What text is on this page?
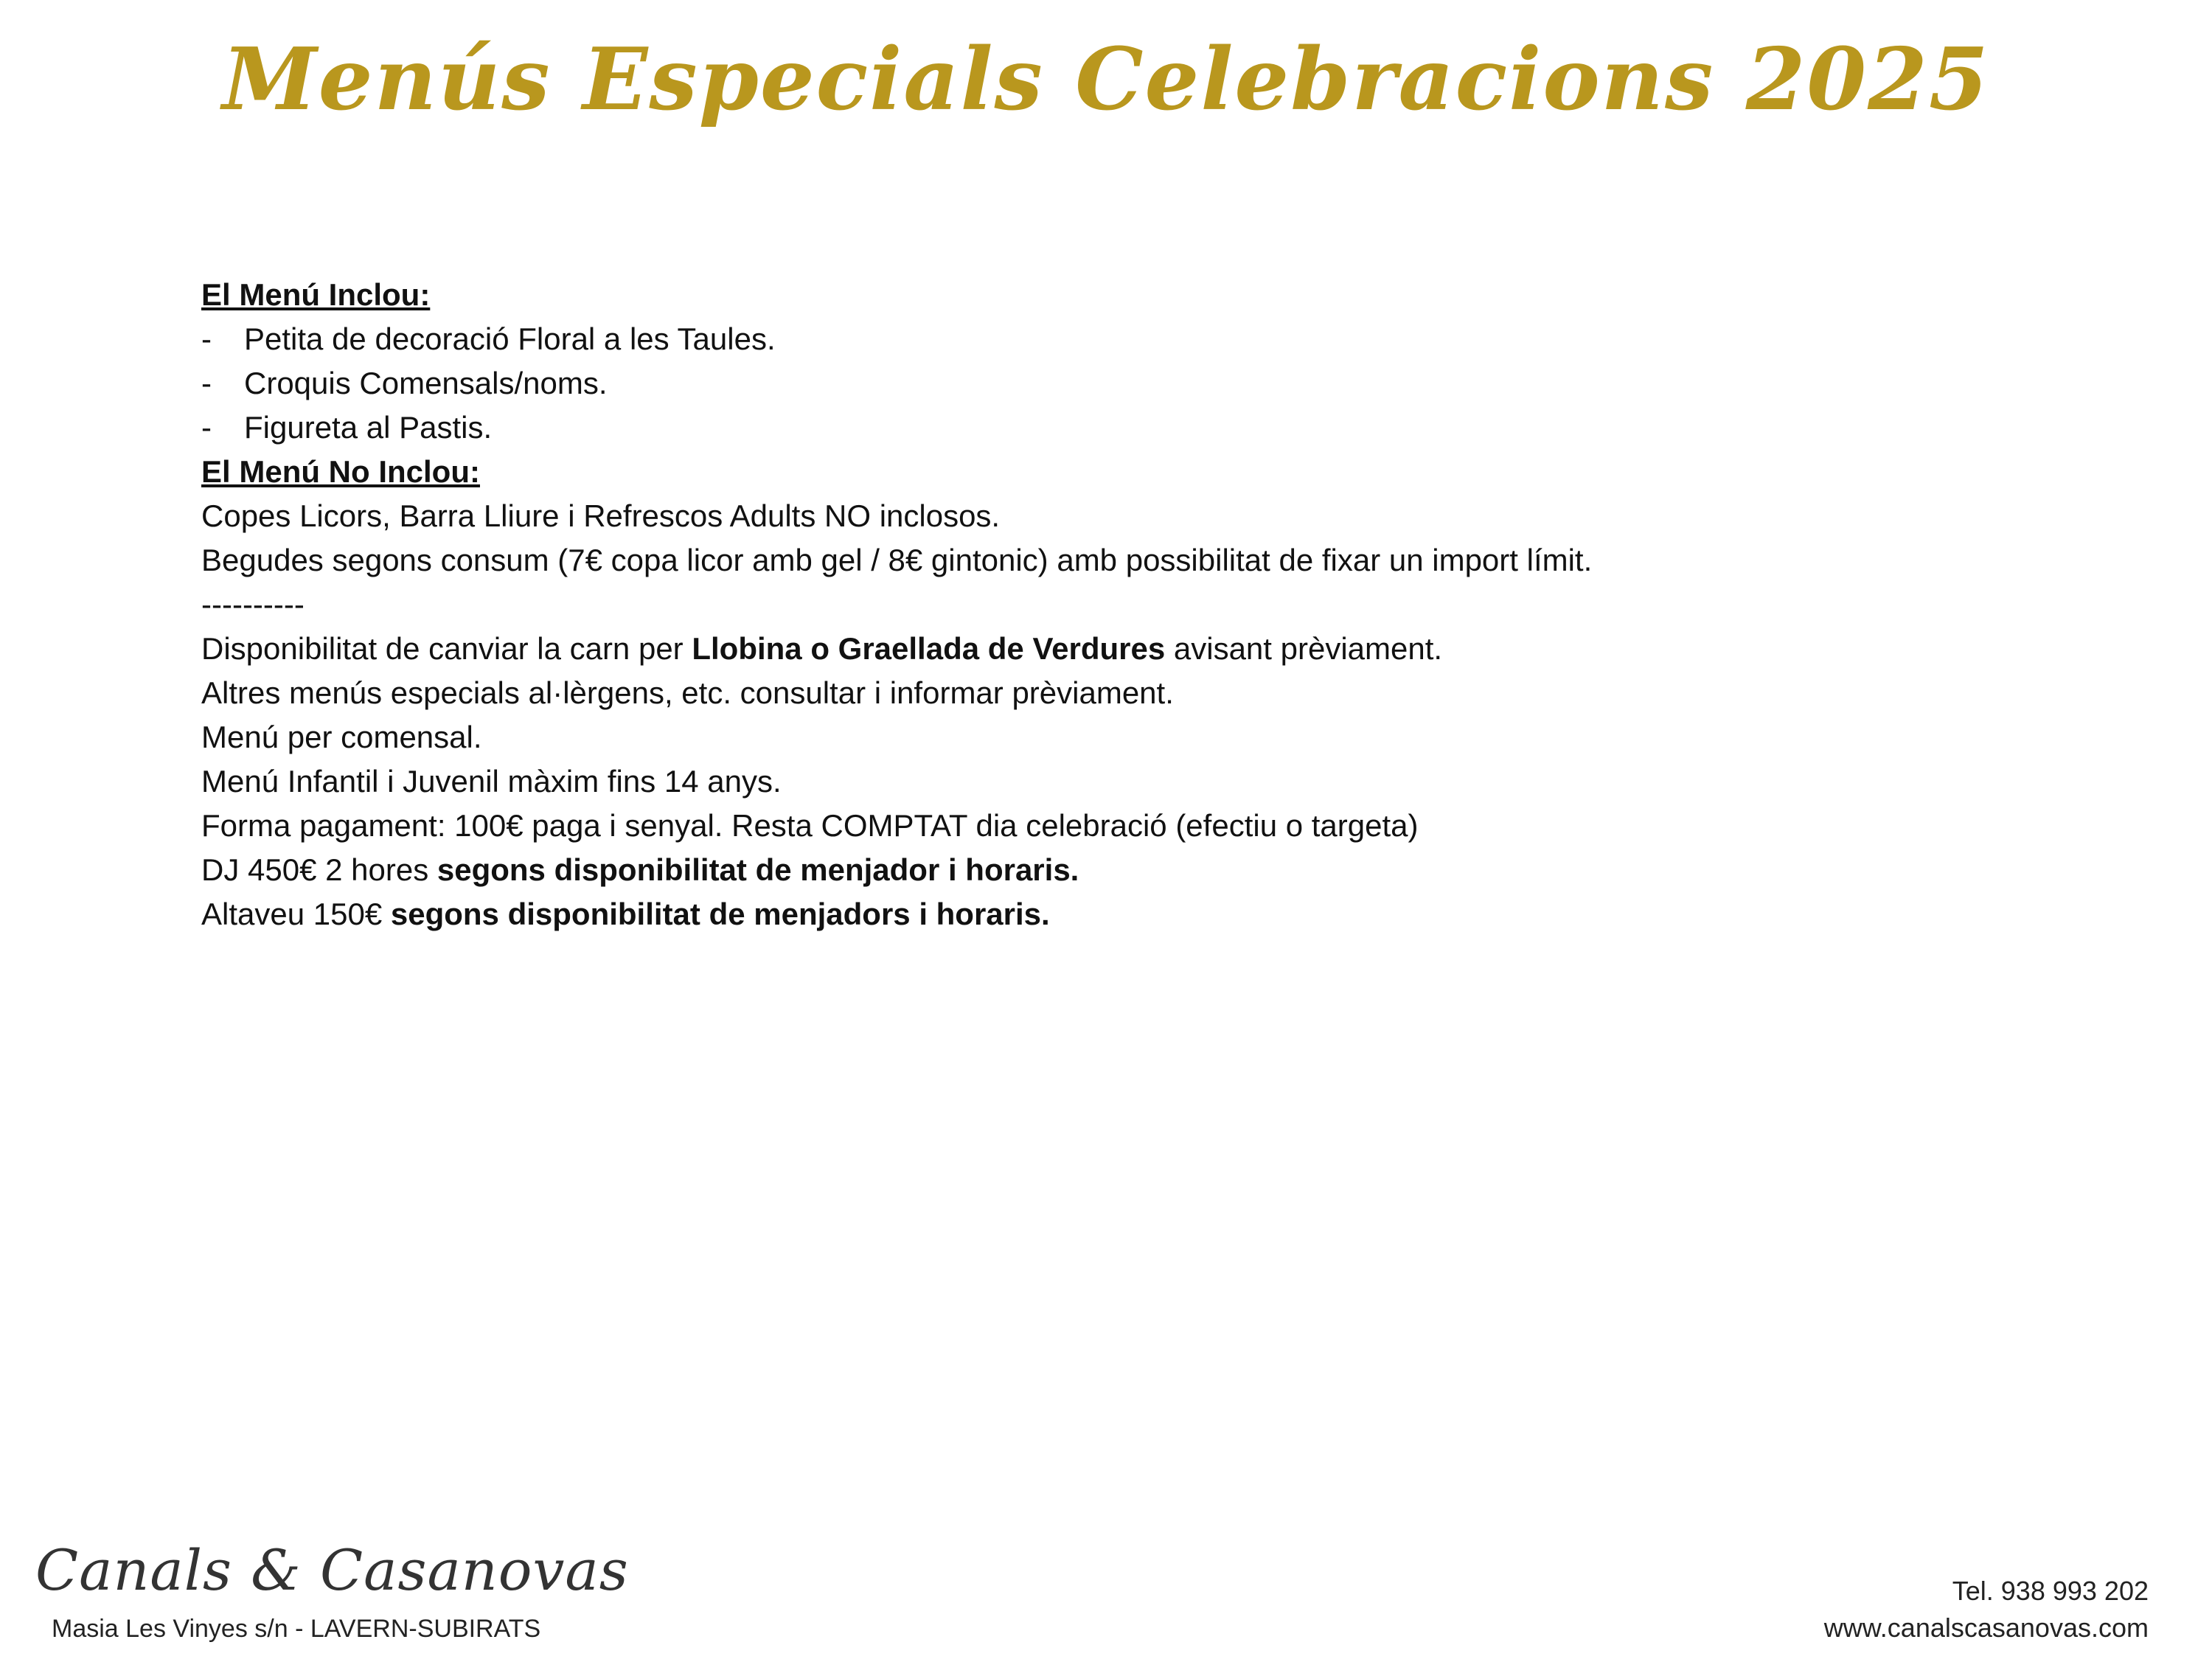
Menús Especials Celebracions 2025
El Menú Inclou:
- Petita de decoració Floral a les Taules.
- Croquis Comensals/noms.
- Figureta al Pastis.
El Menú No Inclou:
Copes Licors, Barra Lliure i Refrescos Adults NO inclosos.
Begudes segons consum (7€ copa licor amb gel / 8€ gintonic) amb possibilitat de fixar un import límit.
----------
Disponibilitat de canviar la carn per Llobina o Graellada de Verdures avisant prèviament.
Altres menús especials al·lèrgens, etc. consultar i informar prèviament.
Menú per comensal.
Menú Infantil i Juvenil màxim fins 14 anys.
Forma pagament: 100€ paga i senyal. Resta COMPTAT dia celebració (efectiu o targeta)
DJ 450€ 2 hores segons disponibilitat de menjador i horaris.
Altaveu 150€ segons disponibilitat de menjadors i horaris.
Canals & Casanovas
Masia Les Vinyes s/n - LAVERN-SUBIRATS
Tel. 938 993 202
www.canalscasanovas.com
